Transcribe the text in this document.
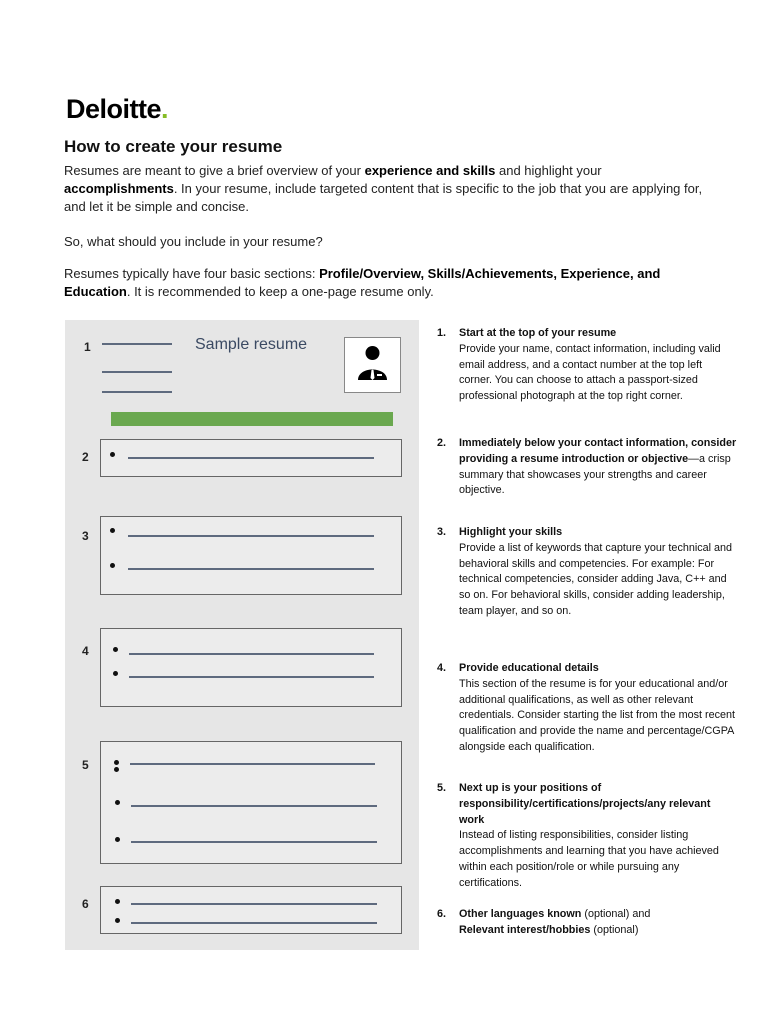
Deloitte.
How to create your resume

Resumes are meant to give a brief overview of your experience and skills and highlight your accomplishments. In your resume, include targeted content that is specific to the job that you are applying for, and let it be simple and concise.

So, what should you include in your resume?

Resumes typically have four basic sections: Profile/Overview, Skills/Achievements, Experience, and Education. It is recommended to keep a one-page resume only.

1	Sample resume
2
3
4
5
6
1. Start at the top of your resume
Provide your name, contact information, including valid email address, and a contact number at the top left corner. You can choose to attach a passport-sized professional photograph at the top right corner.
2. Immediately below your contact information, consider providing a resume introduction or objective—a crisp summary that showcases your strengths and career objective.
3. Highlight your skills
Provide a list of keywords that capture your technical and behavioral skills and competencies. For example: For technical competencies, consider adding Java, C++ and so on. For behavioral skills, consider adding leadership,
team player, and so on.
4. Provide educational details
This section of the resume is for your educational and/or additional qualifications, as well as other relevant credentials. Consider starting the list from the most recent qualification and provide the name and percentage/CGPA alongside each qualification.
5. Next up is your positions of responsibility/certifications/projects/any relevant work
Instead of listing responsibilities, consider listing accomplishments and learning that you have achieved within each position/role or while pursuing any certifications.
6. Other languages known (optional) and
Relevant interest/hobbies (optional)
